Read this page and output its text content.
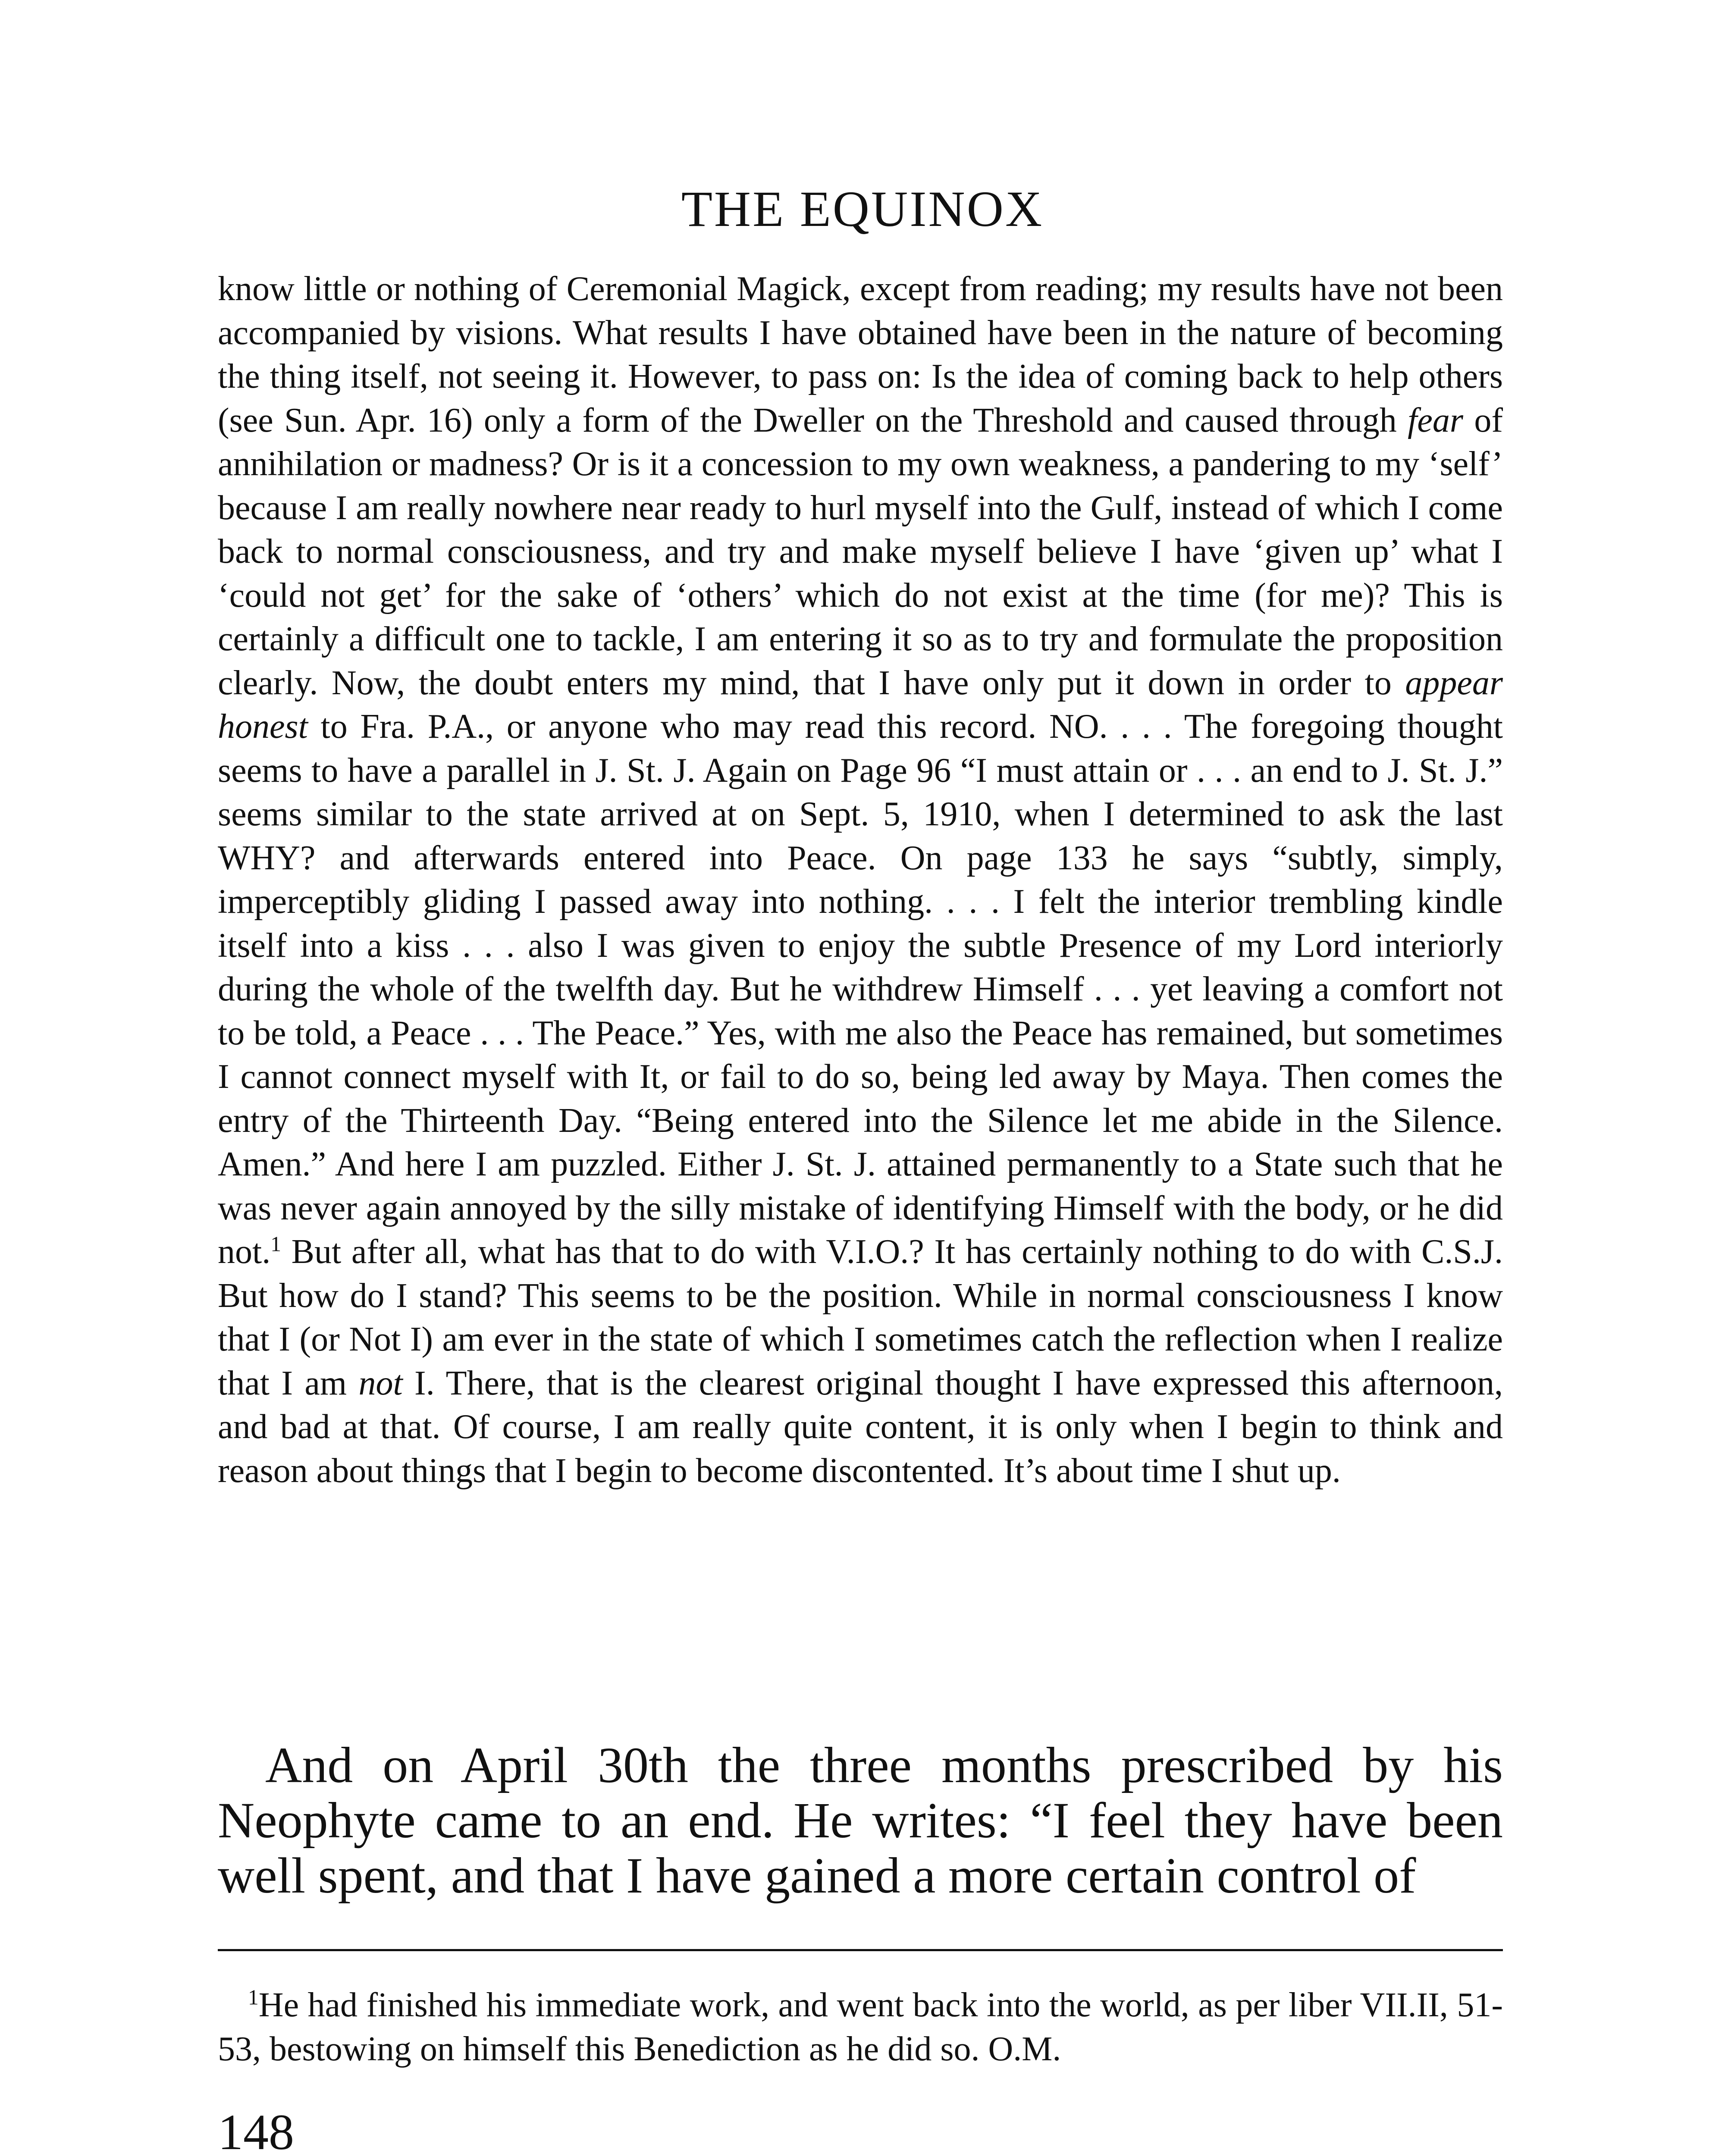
THE EQUINOX

know little or nothing of Ceremonial Magick, except from reading; my results have not been accompanied by visions. What results I have obtained have been in the nature of becoming the thing itself, not seeing it. However, to pass on: Is the idea of coming back to help others (see Sun. Apr. 16) only a form of the Dweller on the Threshold and caused through fear of annihilation or madness? Or is it a concession to my own weakness, a pandering to my ‘self’ because I am really nowhere near ready to hurl myself into the Gulf, instead of which I come back to normal consciousness, and try and make myself believe I have ‘given up’ what I ‘could not get’ for the sake of ‘others’ which do not exist at the time (for me)? This is certainly a difficult one to tackle, I am entering it so as to try and formulate the proposition clearly. Now, the doubt enters my mind, that I have only put it down in order to appear honest to Fra. P.A., or anyone who may read this record. NO. . . . The foregoing thought seems to have a parallel in J. St. J. Again on Page 96 “I must attain or . . . an end to J. St. J.” seems similar to the state arrived at on Sept. 5, 1910, when I determined to ask the last WHY? and afterwards entered into Peace. On page 133 he says “subtly, simply, imperceptibly gliding I passed away into nothing. . . . I felt the interior trembling kindle itself into a kiss . . . also I was given to enjoy the subtle Presence of my Lord interiorly during the whole of the twelfth day. But he withdrew Himself . . . yet leaving a comfort not to be told, a Peace . . . The Peace.” Yes, with me also the Peace has remained, but sometimes I cannot connect myself with It, or fail to do so, being led away by Maya. Then comes the entry of the Thirteenth Day. “Being entered into the Silence let me abide in the Silence. Amen.” And here I am puzzled. Either J. St. J. attained permanently to a State such that he was never again annoyed by the silly mistake of identifying Himself with the body, or he did not.$^1$ But after all, what has that to do with V.I.O.? It has certainly nothing to do with C.S.J. But how do I stand? This seems to be the position. While in normal consciousness I know that I (or Not I) am ever in the state of which I sometimes catch the reflection when I realize that I am not I. There, that is the clearest original thought I have expressed this afternoon, and bad at that. Of course, I am really quite content, it is only when I begin to think and reason about things that I begin to become discontented. It’s about time I shut up.

And on April 30th the three months prescribed by his Neophyte came to an end. He writes: “I feel they have been well spent, and that I have gained a more certain control of

$^1$He had finished his immediate work, and went back into the world, as per liber VII.II, 51-53, bestowing on himself this Benediction as he did so. O.M.

148
